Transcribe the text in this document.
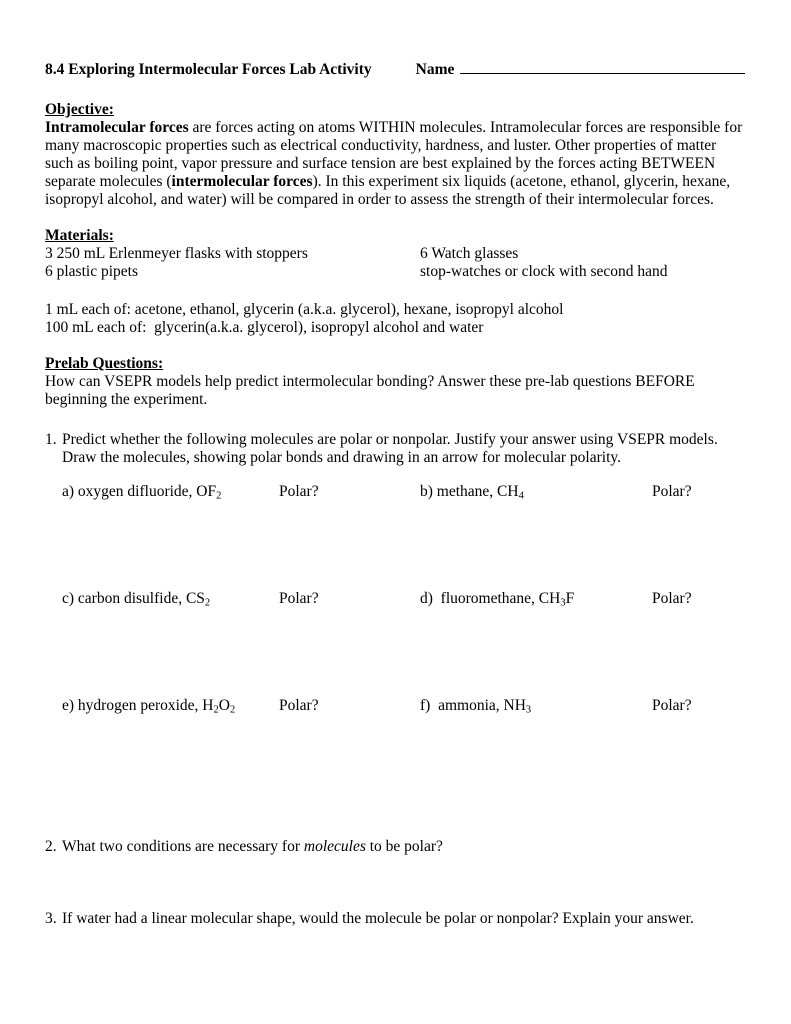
8.4 Exploring Intermolecular Forces Lab Activity	Name
Objective:
Intramolecular forces are forces acting on atoms WITHIN molecules. Intramolecular forces are responsible for many macroscopic properties such as electrical conductivity, hardness, and luster. Other properties of matter such as boiling point, vapor pressure and surface tension are best explained by the forces acting BETWEEN separate molecules (intermolecular forces). In this experiment six liquids (acetone, ethanol, glycerin, hexane, isopropyl alcohol, and water) will be compared in order to assess the strength of their intermolecular forces.
Materials:
3 250 mL Erlenmeyer flasks with stoppers	6 Watch glasses
6 plastic pipets	stop-watches or clock with second hand
1 mL each of: acetone, ethanol, glycerin (a.k.a. glycerol), hexane, isopropyl alcohol
100 mL each of:  glycerin(a.k.a. glycerol), isopropyl alcohol and water
Prelab Questions:
How can VSEPR models help predict intermolecular bonding? Answer these pre-lab questions BEFORE beginning the experiment.
1. Predict whether the following molecules are polar or nonpolar. Justify your answer using VSEPR models. Draw the molecules, showing polar bonds and drawing in an arrow for molecular polarity.
a) oxygen difluoride, $OF_2$	Polar?	b) methane, $CH_4$	Polar?
c) carbon disulfide, $CS_2$	Polar?	d)  fluoromethane, $CH_3F$	Polar?
e) hydrogen peroxide, $H_2O_2$	Polar?	f)  ammonia, $NH_3$	Polar?
2. What two conditions are necessary for molecules to be polar?
3. If water had a linear molecular shape, would the molecule be polar or nonpolar? Explain your answer.
